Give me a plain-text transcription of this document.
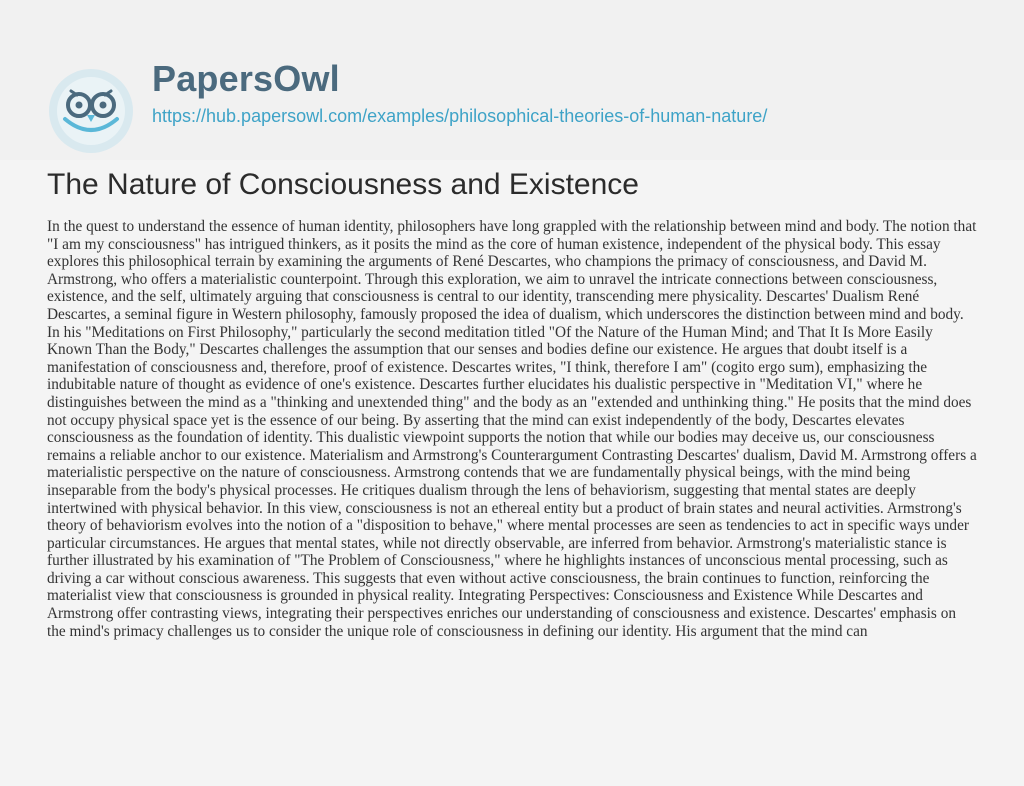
PapersOwl
https://hub.papersowl.com/examples/philosophical-theories-of-human-nature/
The Nature of Consciousness and Existence

In the quest to understand the essence of human identity, philosophers have long grappled with the relationship between mind and body. The notion that "I am my consciousness" has intrigued thinkers, as it posits the mind as the core of human existence, independent of the physical body. This essay explores this philosophical terrain by examining the arguments of René Descartes, who champions the primacy of consciousness, and David M. Armstrong, who offers a materialistic counterpoint. Through this exploration, we aim to unravel the intricate connections between consciousness, existence, and the self, ultimately arguing that consciousness is central to our identity, transcending mere physicality. Descartes' Dualism René Descartes, a seminal figure in Western philosophy, famously proposed the idea of dualism, which underscores the distinction between mind and body. In his "Meditations on First Philosophy," particularly the second meditation titled "Of the Nature of the Human Mind; and That It Is More Easily Known Than the Body," Descartes challenges the assumption that our senses and bodies define our existence. He argues that doubt itself is a manifestation of consciousness and, therefore, proof of existence. Descartes writes, "I think, therefore I am" (cogito ergo sum), emphasizing the indubitable nature of thought as evidence of one's existence. Descartes further elucidates his dualistic perspective in "Meditation VI," where he distinguishes between the mind as a "thinking and unextended thing" and the body as an "extended and unthinking thing." He posits that the mind does not occupy physical space yet is the essence of our being. By asserting that the mind can exist independently of the body, Descartes elevates consciousness as the foundation of identity. This dualistic viewpoint supports the notion that while our bodies may deceive us, our consciousness remains a reliable anchor to our existence. Materialism and Armstrong's Counterargument Contrasting Descartes' dualism, David M. Armstrong offers a materialistic perspective on the nature of consciousness. Armstrong contends that we are fundamentally physical beings, with the mind being inseparable from the body's physical processes. He critiques dualism through the lens of behaviorism, suggesting that mental states are deeply intertwined with physical behavior. In this view, consciousness is not an ethereal entity but a product of brain states and neural activities. Armstrong's theory of behaviorism evolves into the notion of a "disposition to behave," where mental processes are seen as tendencies to act in specific ways under particular circumstances. He argues that mental states, while not directly observable, are inferred from behavior. Armstrong's materialistic stance is further illustrated by his examination of "The Problem of Consciousness," where he highlights instances of unconscious mental processing, such as driving a car without conscious awareness. This suggests that even without active consciousness, the brain continues to function, reinforcing the materialist view that consciousness is grounded in physical reality. Integrating Perspectives: Consciousness and Existence While Descartes and Armstrong offer contrasting views, integrating their perspectives enriches our understanding of consciousness and existence. Descartes' emphasis on the mind's primacy challenges us to consider the unique role of consciousness in defining our identity. His argument that the mind can
